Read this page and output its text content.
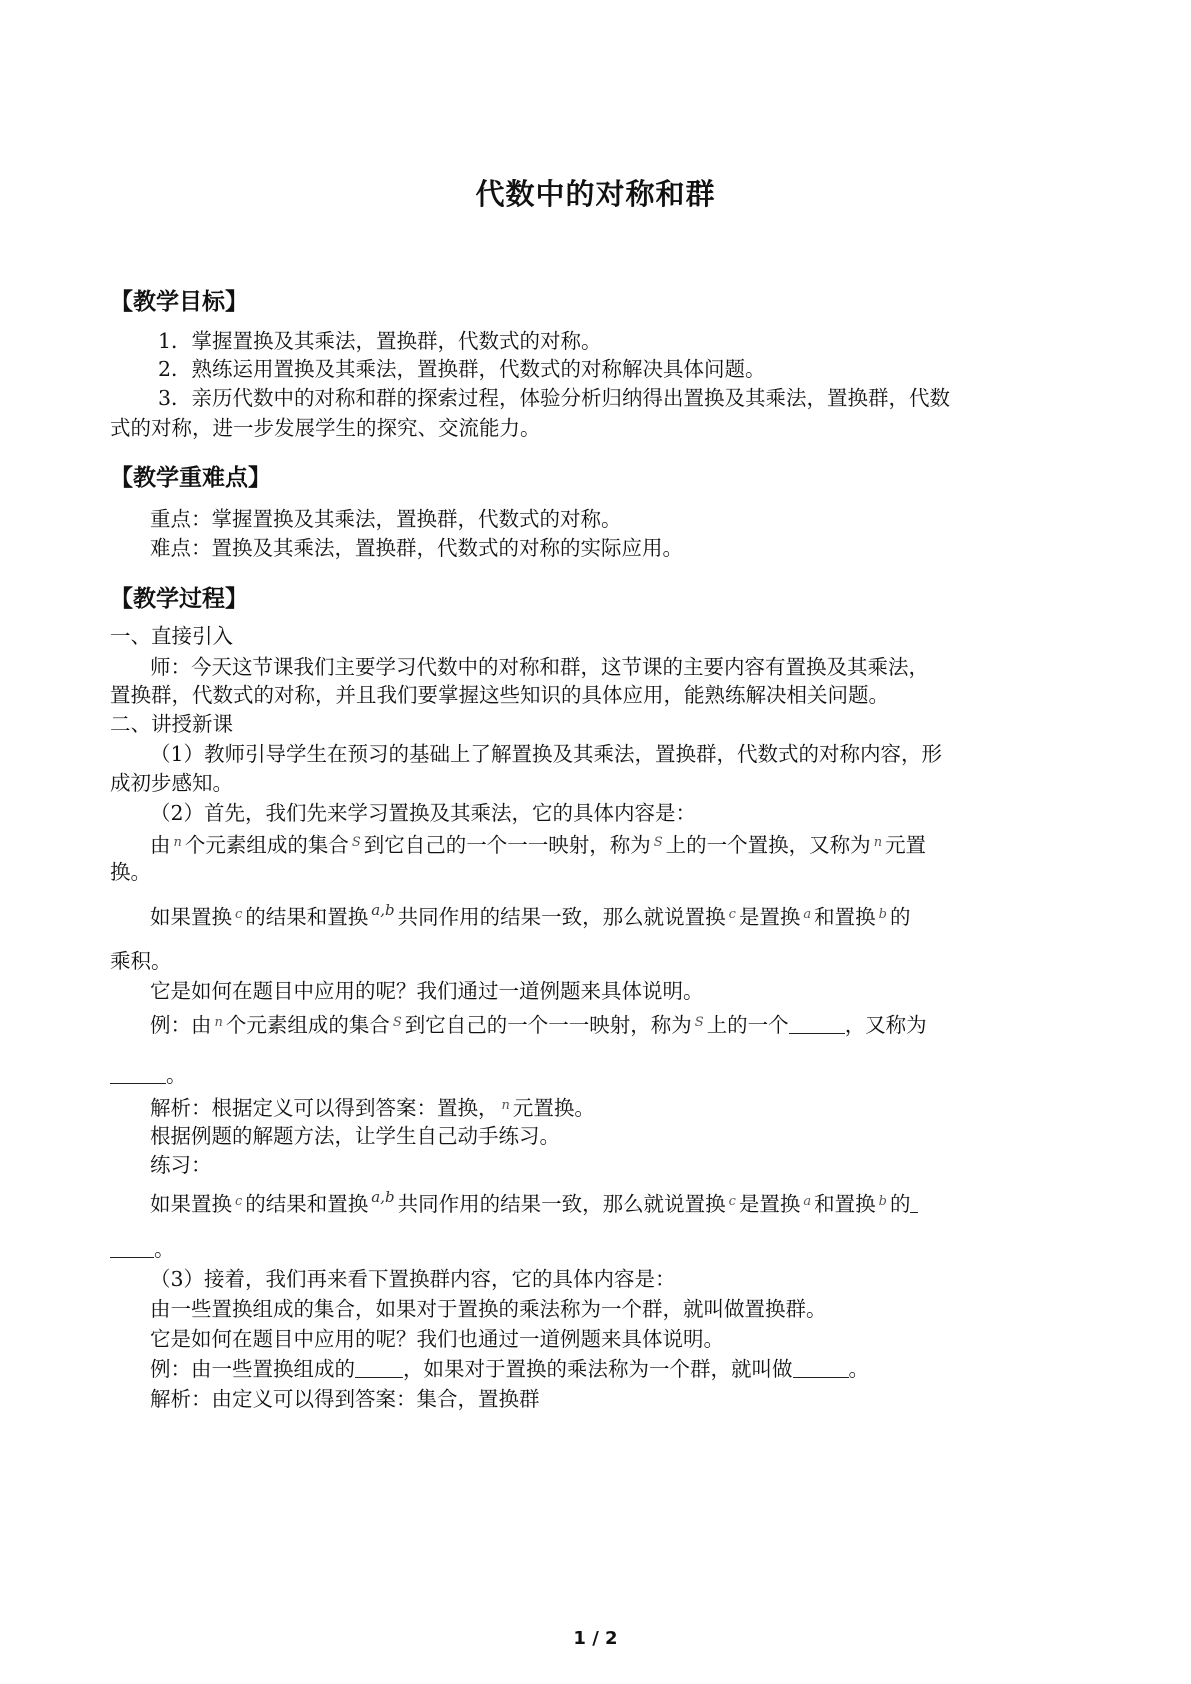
代数中的对称和群
【教学目标】
1．掌握置换及其乘法，置换群，代数式的对称。
2．熟练运用置换及其乘法，置换群，代数式的对称解决具体问题。
3．亲历代数中的对称和群的探索过程，体验分析归纳得出置换及其乘法，置换群，代数
式的对称，进一步发展学生的探究、交流能力。
【教学重难点】
重点：掌握置换及其乘法，置换群，代数式的对称。
难点：置换及其乘法，置换群，代数式的对称的实际应用。
【教学过程】
一、直接引入
师：今天这节课我们主要学习代数中的对称和群，这节课的主要内容有置换及其乘法，
置换群，代数式的对称，并且我们要掌握这些知识的具体应用，能熟练解决相关问题。
二、讲授新课
（1）教师引导学生在预习的基础上了解置换及其乘法，置换群，代数式的对称内容，形
成初步感知。
（2）首先，我们先来学习置换及其乘法，它的具体内容是：
由 $^n$ 个元素组成的集合 $^S$ 到它自己的一个一一映射，称为 $^S$ 上的一个置换，又称为 $^n$ 元置
换。
如果置换 $^c$ 的结果和置换 $^{a,b}$ 共同作用的结果一致，那么就说置换 $^c$ 是置换 $^a$ 和置换 $^b$ 的
乘积。
它是如何在题目中应用的呢？我们通过一道例题来具体说明。
例：由 $^n$ 个元素组成的集合 $^S$ 到它自己的一个一一映射，称为 $^S$ 上的一个	，又称为
。
解析：根据定义可以得到答案：置换， $^n$ 元置换。
根据例题的解题方法，让学生自己动手练习。
练习：
如果置换 $^c$ 的结果和置换 $^{a,b}$ 共同作用的结果一致，那么就说置换 $^c$ 是置换 $^a$ 和置换 $^b$ 的
。
（3）接着，我们再来看下置换群内容，它的具体内容是：
由一些置换组成的集合，如果对于置换的乘法称为一个群，就叫做置换群。
它是如何在题目中应用的呢？我们也通过一道例题来具体说明。
例：由一些置换组成的 ，如果对于置换的乘法称为一个群，就叫做	。
解析：由定义可以得到答案：集合，置换群
1 / 2
